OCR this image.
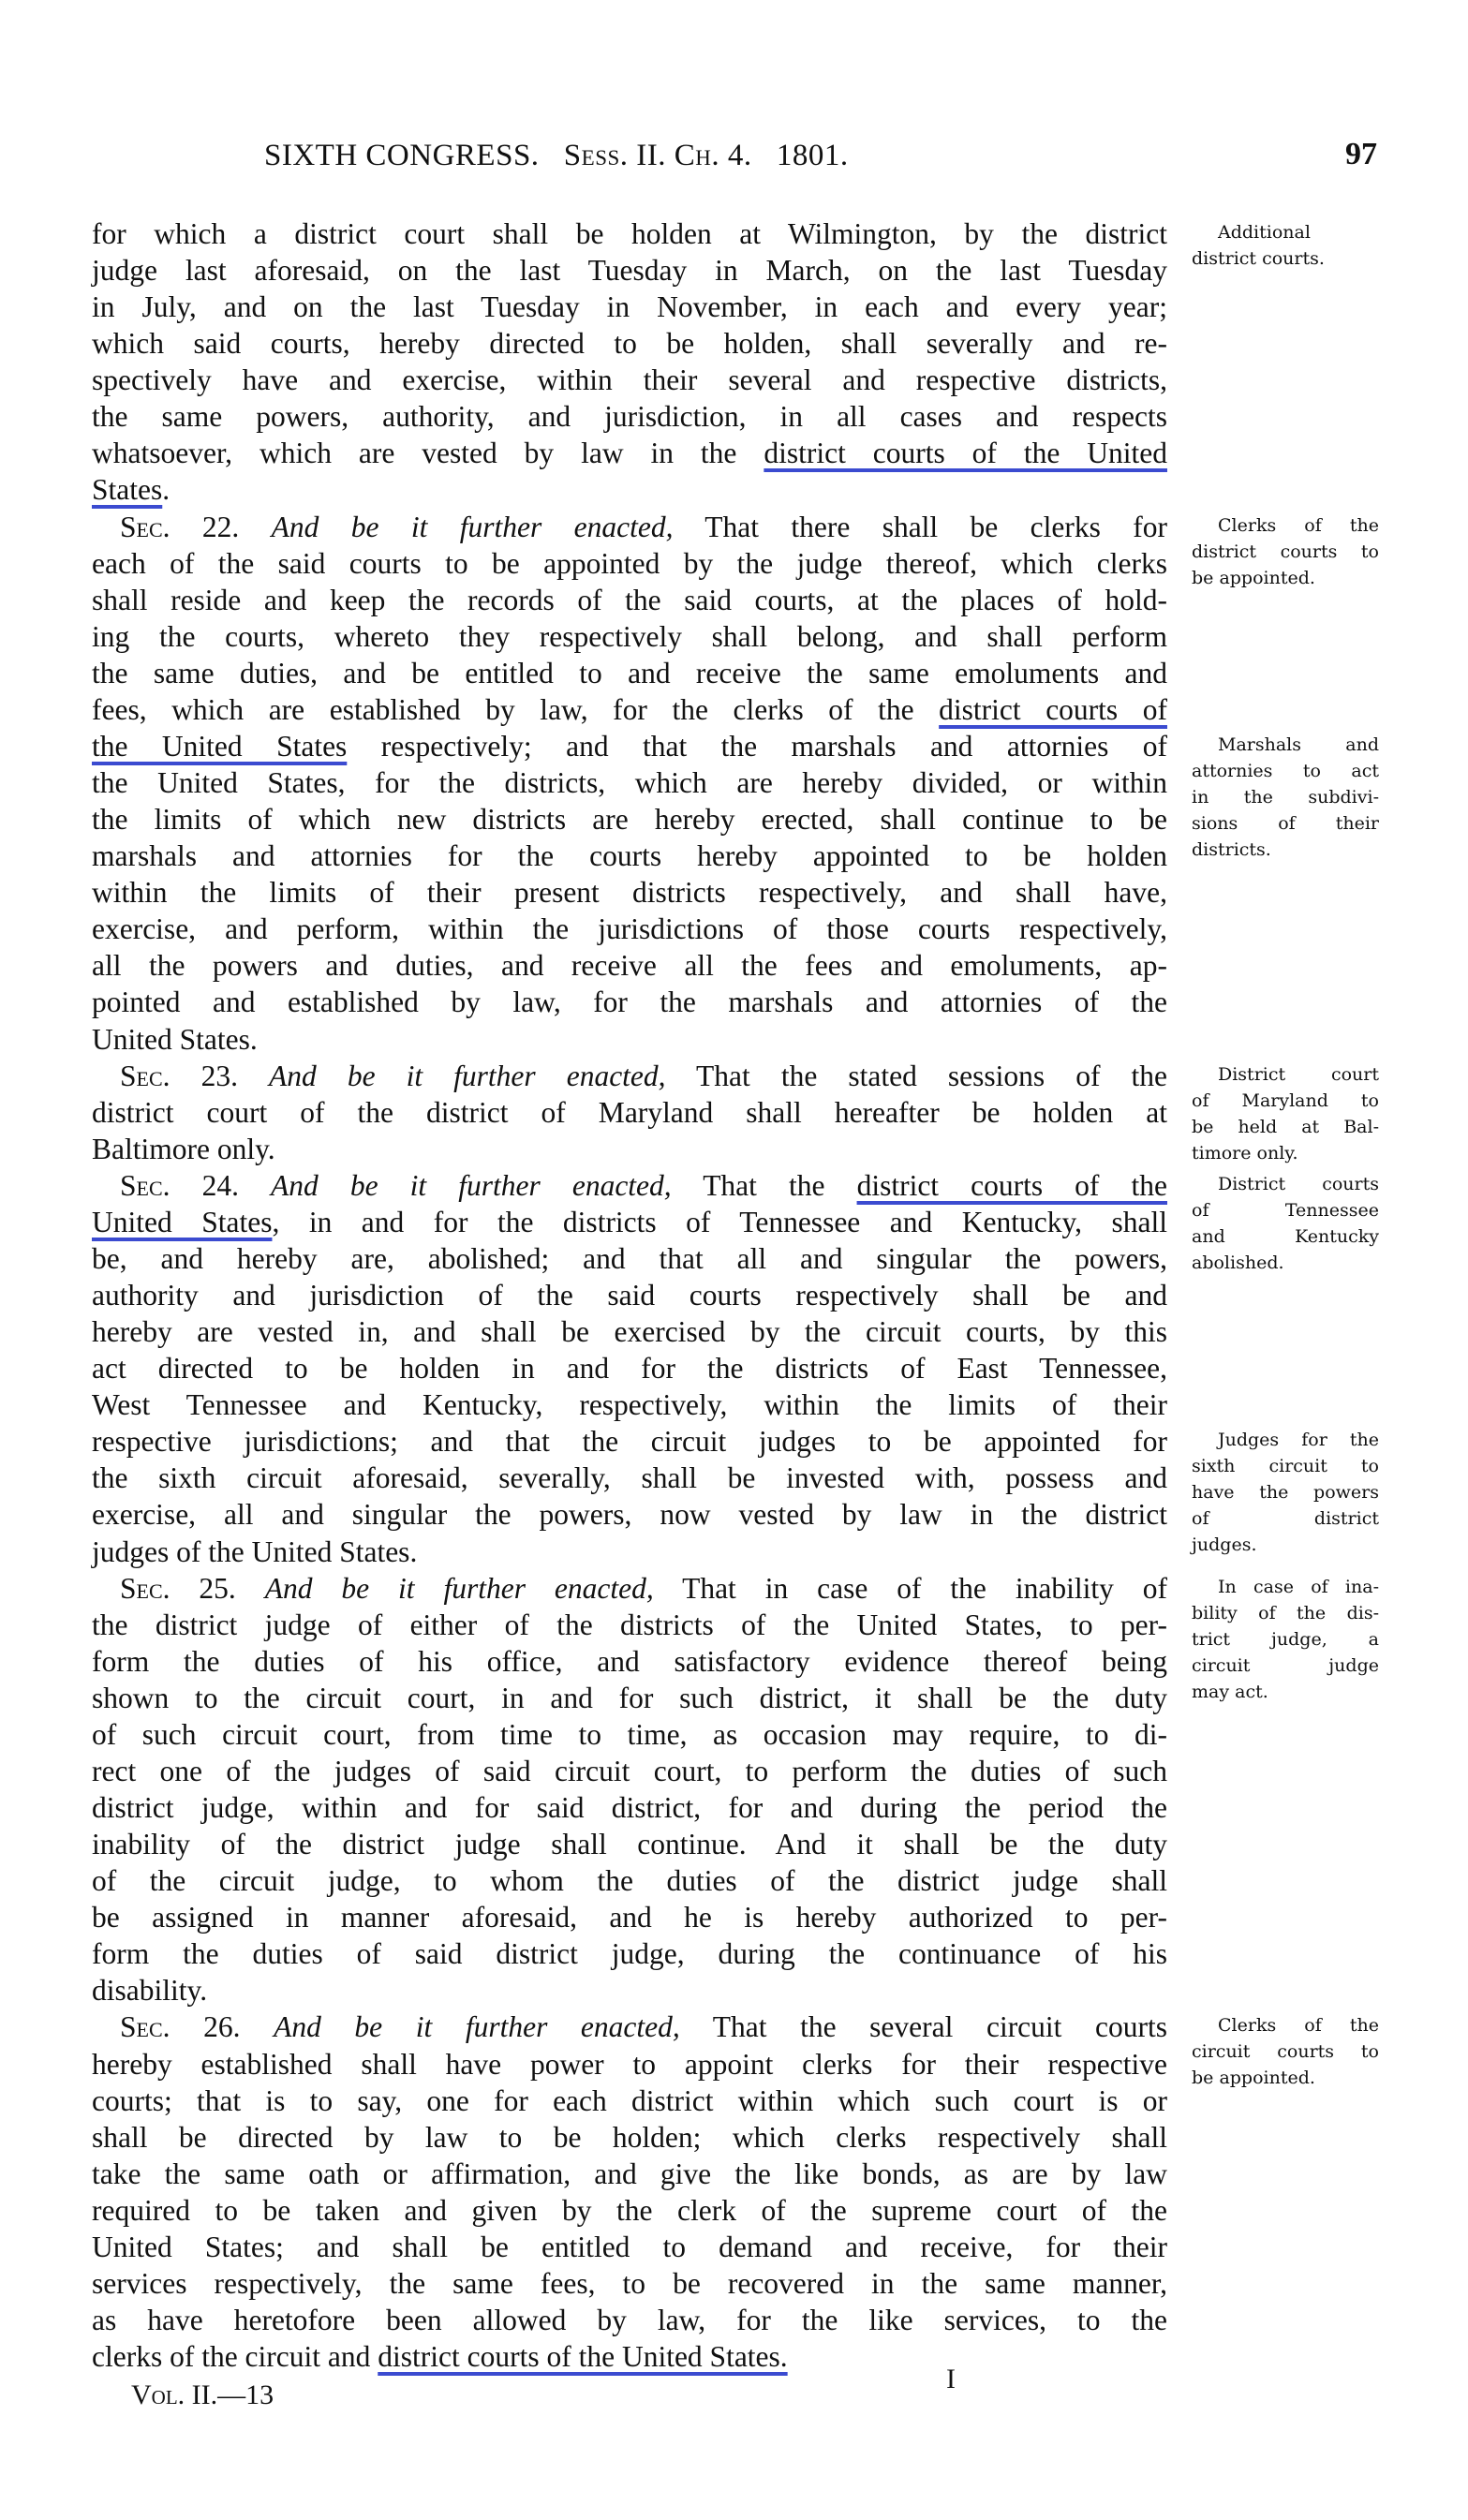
SIXTH CONGRESS. Sess. II. Ch. 4. 1801.	97
for which a district court shall be holden at Wilmington, by the district
judge last aforesaid, on the last Tuesday in March, on the last Tuesday
in July, and on the last Tuesday in November, in each and every year;
which said courts, hereby directed to be holden, shall severally and re-
spectively have and exercise, within their several and respective districts,
the same powers, authority, and jurisdiction, in all cases and respects
whatsoever, which are vested by law in the district courts of the United
States.
Sec. 22. And be it further enacted, That there shall be clerks for
each of the said courts to be appointed by the judge thereof, which clerks
shall reside and keep the records of the said courts, at the places of hold-
ing the courts, whereto they respectively shall belong, and shall perform
the same duties, and be entitled to and receive the same emoluments and
fees, which are established by law, for the clerks of the district courts of
the United States respectively; and that the marshals and attornies of
the United States, for the districts, which are hereby divided, or within
the limits of which new districts are hereby erected, shall continue to be
marshals and attornies for the courts hereby appointed to be holden
within the limits of their present districts respectively, and shall have,
exercise, and perform, within the jurisdictions of those courts respectively,
all the powers and duties, and receive all the fees and emoluments, ap-
pointed and established by law, for the marshals and attornies of the
United States.
Sec. 23. And be it further enacted, That the stated sessions of the
district court of the district of Maryland shall hereafter be holden at
Baltimore only.
Sec. 24. And be it further enacted, That the district courts of the
United States, in and for the districts of Tennessee and Kentucky, shall
be, and hereby are, abolished; and that all and singular the powers,
authority and jurisdiction of the said courts respectively shall be and
hereby are vested in, and shall be exercised by the circuit courts, by this
act directed to be holden in and for the districts of East Tennessee,
West Tennessee and Kentucky, respectively, within the limits of their
respective jurisdictions; and that the circuit judges to be appointed for
the sixth circuit aforesaid, severally, shall be invested with, possess and
exercise, all and singular the powers, now vested by law in the district
judges of the United States.
Sec. 25. And be it further enacted, That in case of the inability of
the district judge of either of the districts of the United States, to per-
form the duties of his office, and satisfactory evidence thereof being
shown to the circuit court, in and for such district, it shall be the duty
of such circuit court, from time to time, as occasion may require, to di-
rect one of the judges of said circuit court, to perform the duties of such
district judge, within and for said district, for and during the period the
inability of the district judge shall continue. And it shall be the duty
of the circuit judge, to whom the duties of the district judge shall
be assigned in manner aforesaid, and he is hereby authorized to per-
form the duties of said district judge, during the continuance of his
disability.
Sec. 26. And be it further enacted, That the several circuit courts
hereby established shall have power to appoint clerks for their respective
courts; that is to say, one for each district within which such court is or
shall be directed by law to be holden; which clerks respectively shall
take the same oath or affirmation, and give the like bonds, as are by law
required to be taken and given by the clerk of the supreme court of the
United States; and shall be entitled to demand and receive, for their
services respectively, the same fees, to be recovered in the same manner,
as have heretofore been allowed by law, for the like services, to the
clerks of the circuit and district courts of the United States.
Additional
district courts.
Clerks of the
district courts to
be appointed.
Marshals and
attornies to act
in the subdivi-
sions of their
districts.
District court
of Maryland to
be held at Bal-
timore only.
District courts
of Tennessee
and Kentucky
abolished.
Judges for the
sixth circuit to
have the powers
of district
judges.
In case of ina-
bility of the dis-
trict judge, a
circuit judge
may act.
Clerks of the
circuit courts to
be appointed.
Vol. II.—13
I
